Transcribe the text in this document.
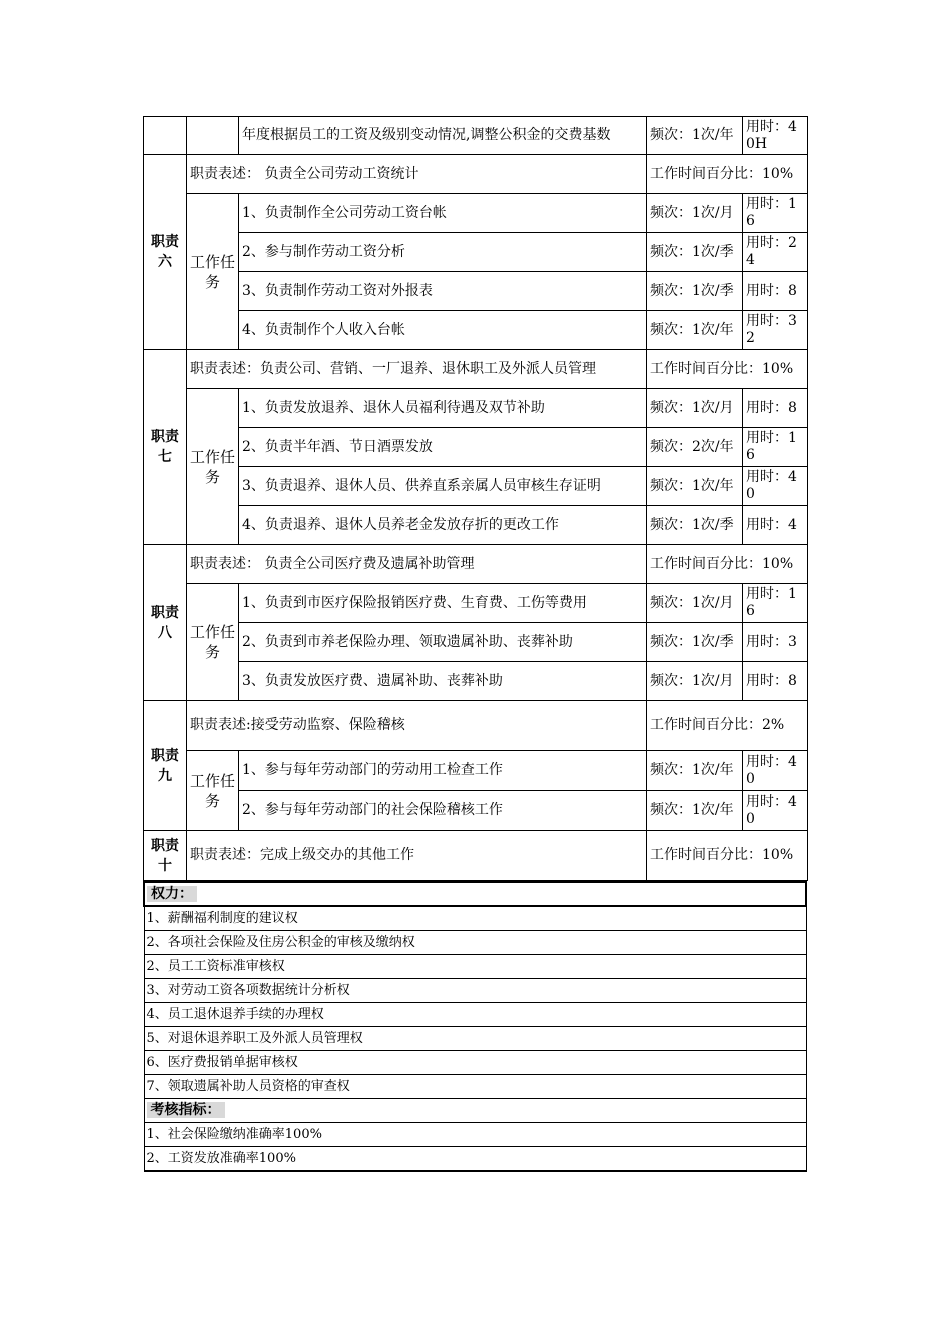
		年度根据员工的工资及级别变动情况,调整公积金的交费基数	频次：1次/年	用时：40H
职责六	职责表述： 负责全公司劳动工资统计		工作时间百分比：10%	
	工作任务	1、负责制作全公司劳动工资台帐	频次：1次/月	用时：16
		2、参与制作劳动工资分析	频次：1次/季	用时：24
		3、负责制作劳动工资对外报表	频次：1次/季	用时：8
		4、负责制作个人收入台帐	频次：1次/年	用时：32
职责七	职责表述：负责公司、营销、一厂退养、退休职工及外派人员管理		工作时间百分比：10%	
	工作任务	1、负责发放退养、退休人员福利待遇及双节补助	频次：1次/月	用时：8
		2、负责半年酒、节日酒票发放	频次：2次/年	用时：16
		3、负责退养、退休人员、供养直系亲属人员审核生存证明	频次：1次/年	用时：40
		4、负责退养、退休人员养老金发放存折的更改工作	频次：1次/季	用时：4
职责八	职责表述： 负责全公司医疗费及遗属补助管理		工作时间百分比：10%	
	工作任务	1、负责到市医疗保险报销医疗费、生育费、工伤等费用	频次：1次/月	用时：16
		2、负责到市养老保险办理、领取遗属补助、丧葬补助	频次：1次/季	用时：3
		3、负责发放医疗费、遗属补助、丧葬补助	频次：1次/月	用时：8
职责九	职责表述:接受劳动监察、保险稽核		工作时间百分比：2%	
	工作任务	1、参与每年劳动部门的劳动用工检查工作	频次：1次/年	用时：40
		2、参与每年劳动部门的社会保险稽核工作	频次：1次/年	用时：40
职责十	职责表述：完成上级交办的其他工作		工作时间百分比：10%	
权力：
1、薪酬福利制度的建议权
2、各项社会保险及住房公积金的审核及缴纳权
2、员工工资标准审核权
3、对劳动工资各项数据统计分析权
4、员工退休退养手续的办理权
5、对退休退养职工及外派人员管理权
6、医疗费报销单据审核权
7、领取遗属补助人员资格的审查权
考核指标：
1、社会保险缴纳准确率100%
2、工资发放准确率100%
